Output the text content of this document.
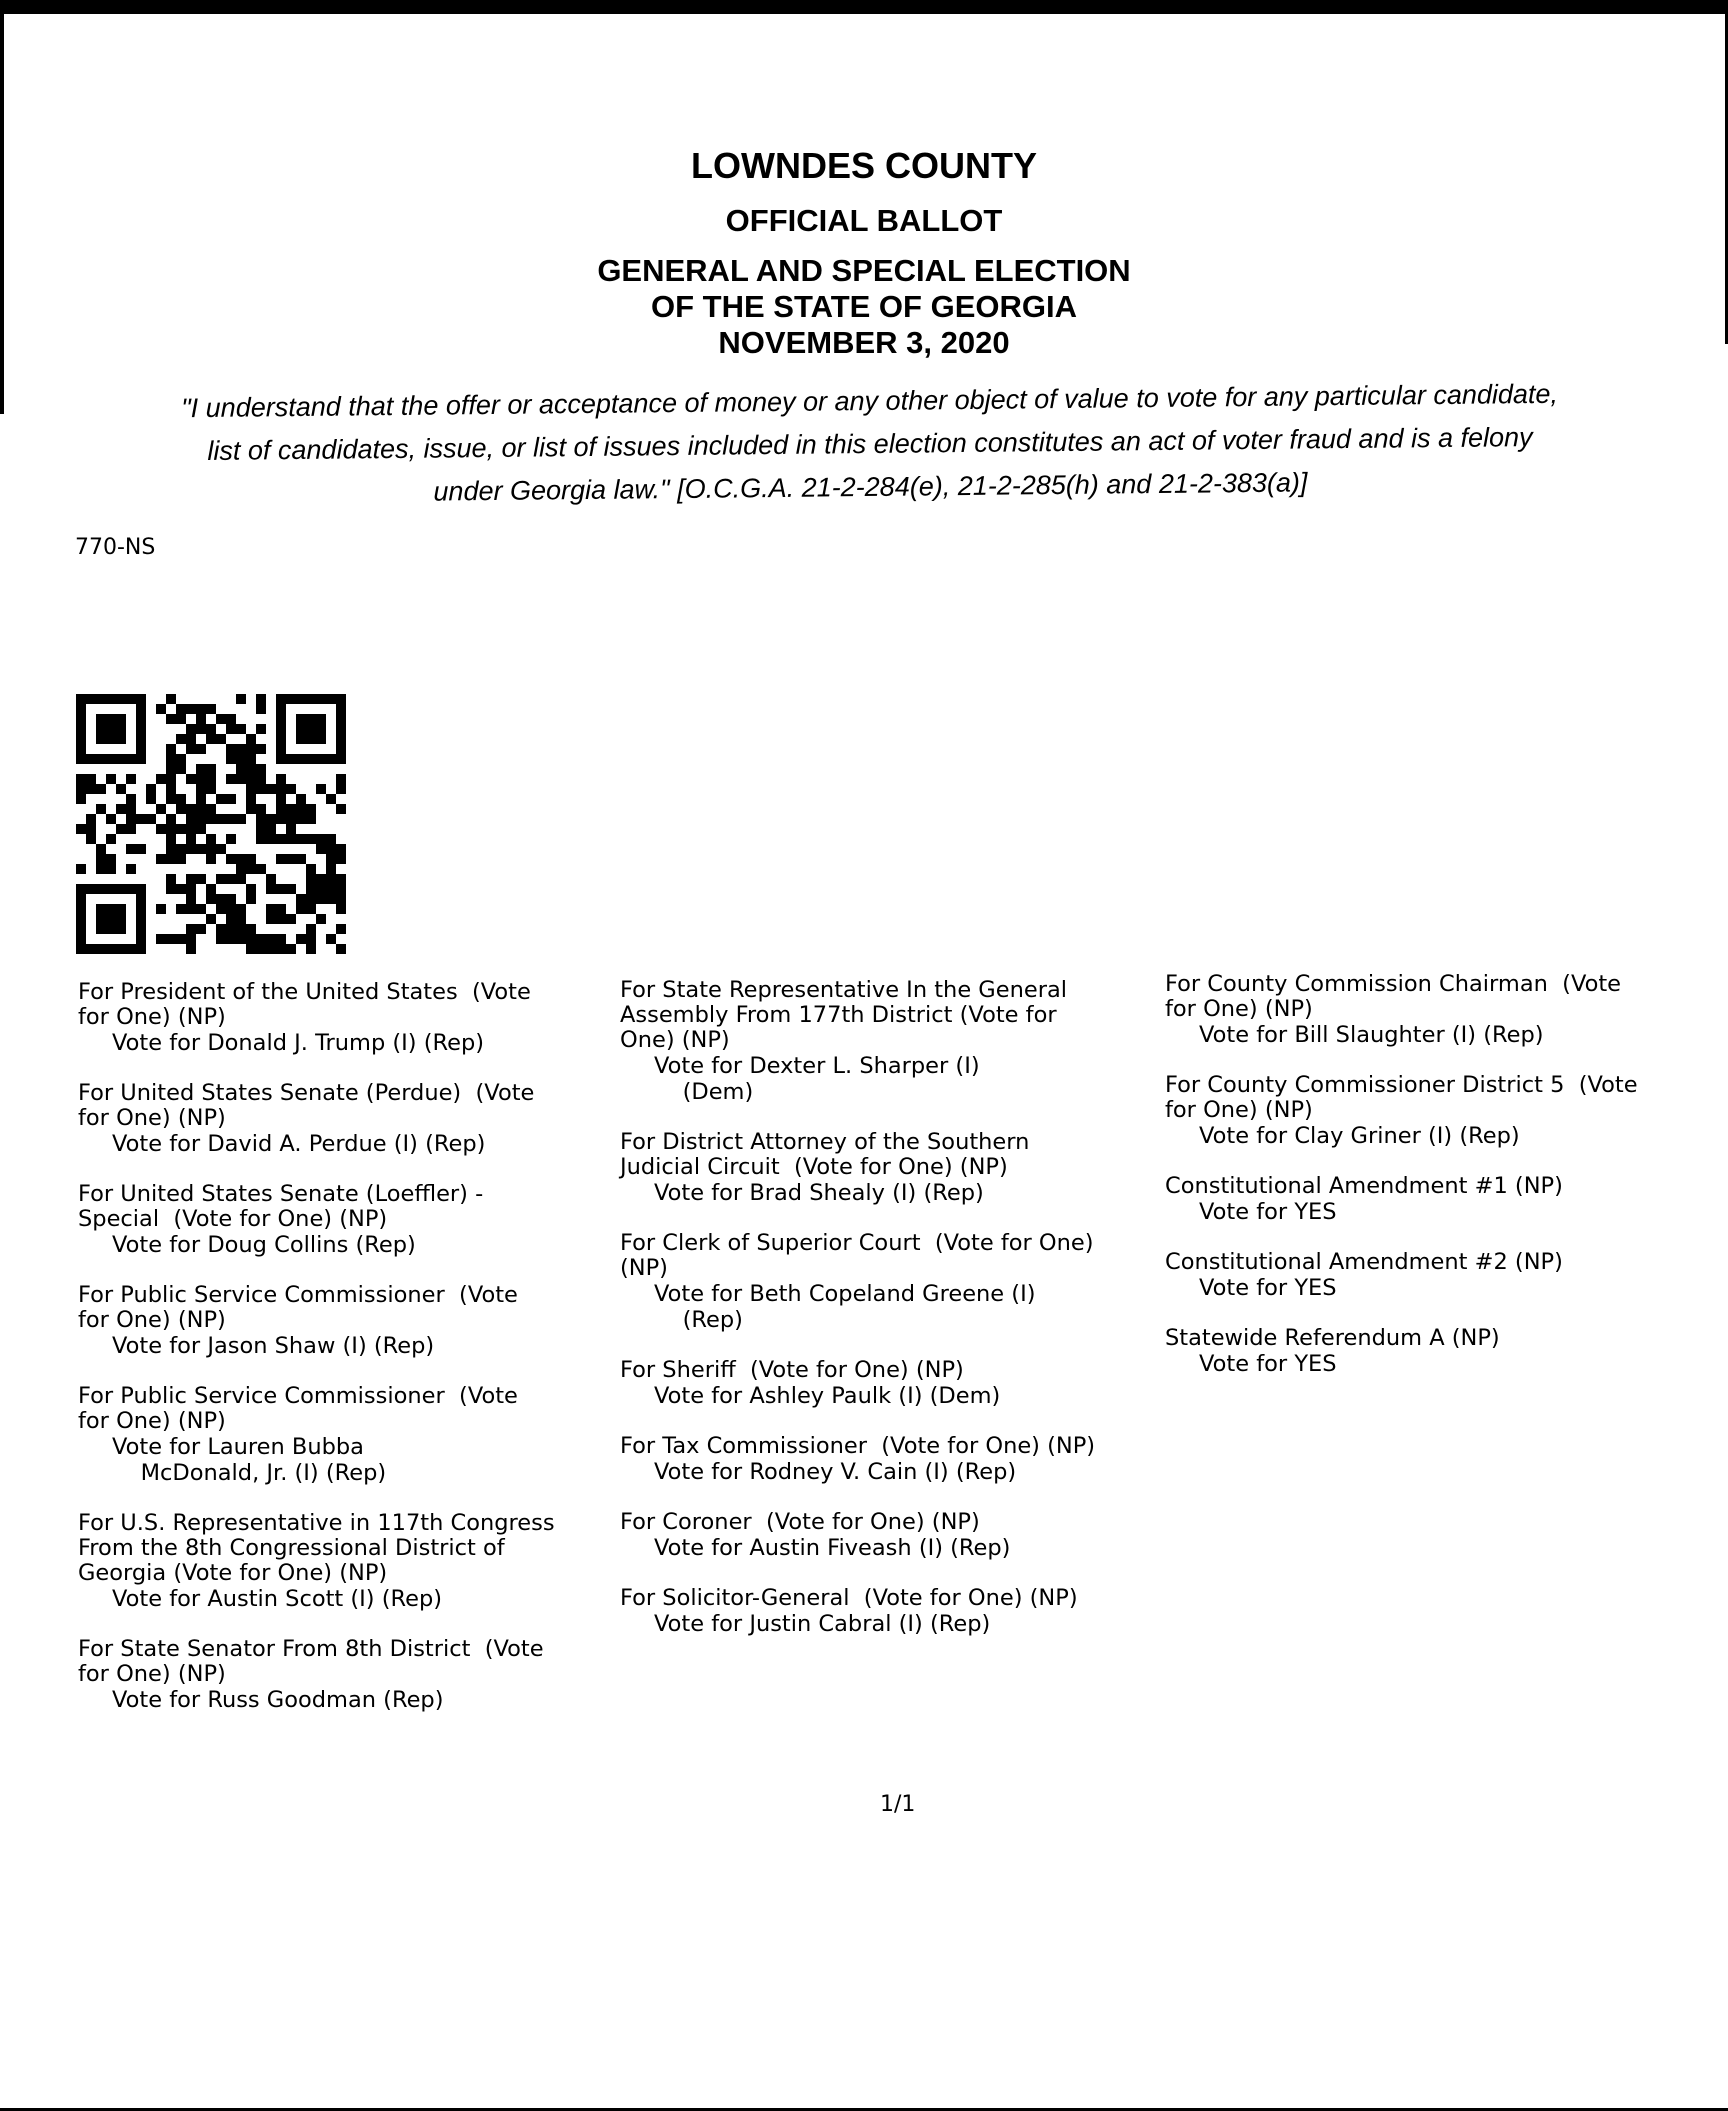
LOWNDES COUNTY
OFFICIAL BALLOT
GENERAL AND SPECIAL ELECTION
OF THE STATE OF GEORGIA
NOVEMBER 3, 2020
"I understand that the offer or acceptance of money or any other object of value to vote for any particular candidate,
list of candidates, issue, or list of issues included in this election constitutes an act of voter fraud and is a felony
under Georgia law." [O.C.G.A. 21-2-284(e), 21-2-285(h) and 21-2-383(a)]
770-NS
For President of the United States  (Vote
for One) (NP)
Vote for Donald J. Trump (I) (Rep)
For United States Senate (Perdue)  (Vote
for One) (NP)
Vote for David A. Perdue (I) (Rep)
For United States Senate (Loeffler) -
Special  (Vote for One) (NP)
Vote for Doug Collins (Rep)
For Public Service Commissioner  (Vote
for One) (NP)
Vote for Jason Shaw (I) (Rep)
For Public Service Commissioner  (Vote
for One) (NP)
Vote for Lauren Bubba
McDonald, Jr. (I) (Rep)
For U.S. Representative in 117th Congress
From the 8th Congressional District of
Georgia (Vote for One) (NP)
Vote for Austin Scott (I) (Rep)
For State Senator From 8th District  (Vote
for One) (NP)
Vote for Russ Goodman (Rep)
For State Representative In the General
Assembly From 177th District (Vote for
One) (NP)
Vote for Dexter L. Sharper (I)
(Dem)
For District Attorney of the Southern
Judicial Circuit  (Vote for One) (NP)
Vote for Brad Shealy (I) (Rep)
For Clerk of Superior Court  (Vote for One)
(NP)
Vote for Beth Copeland Greene (I)
(Rep)
For Sheriff  (Vote for One) (NP)
Vote for Ashley Paulk (I) (Dem)
For Tax Commissioner  (Vote for One) (NP)
Vote for Rodney V. Cain (I) (Rep)
For Coroner  (Vote for One) (NP)
Vote for Austin Fiveash (I) (Rep)
For Solicitor-General  (Vote for One) (NP)
Vote for Justin Cabral (I) (Rep)
For County Commission Chairman  (Vote
for One) (NP)
Vote for Bill Slaughter (I) (Rep)
For County Commissioner District 5  (Vote
for One) (NP)
Vote for Clay Griner (I) (Rep)
Constitutional Amendment #1 (NP)
Vote for YES
Constitutional Amendment #2 (NP)
Vote for YES
Statewide Referendum A (NP)
Vote for YES
1/1
